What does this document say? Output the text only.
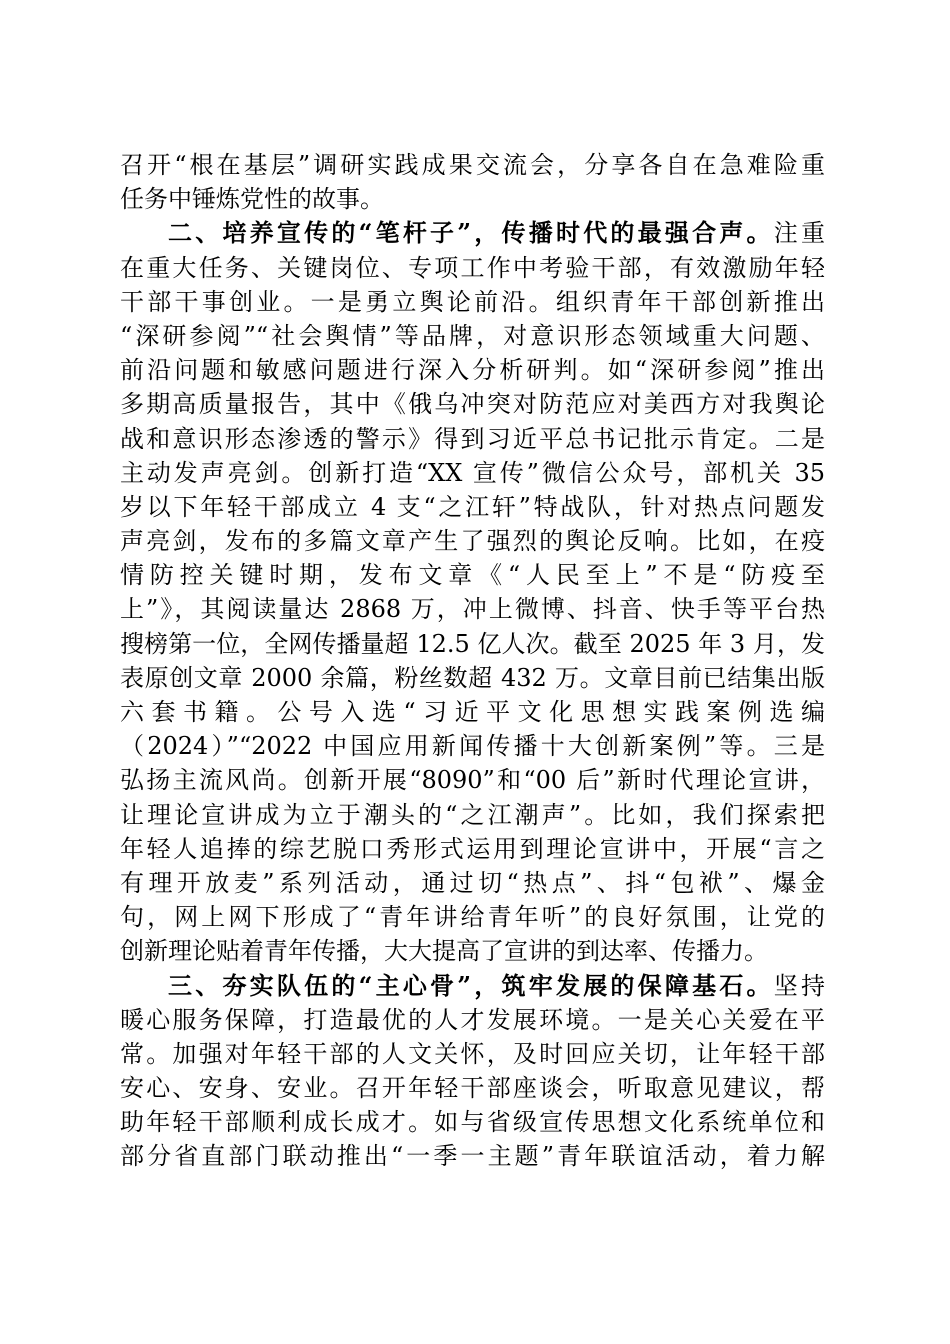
召开“根在基层”调研实践成果交流会，分享各自在急难险重
任务中锤炼党性的故事。
二、培养宣传的“笔杆子”，传播时代的最强合声。注重
在重大任务、关键岗位、专项工作中考验干部，有效激励年轻
干部干事创业。一是勇立舆论前沿。组织青年干部创新推出
“深研参阅”“社会舆情”等品牌，对意识形态领域重大问题、
前沿问题和敏感问题进行深入分析研判。如“深研参阅”推出
多期高质量报告，其中《俄乌冲突对防范应对美西方对我舆论
战和意识形态渗透的警示》得到习近平总书记批示肯定。二是
主动发声亮剑。创新打造“XX 宣传”微信公众号，部机关 35
岁以下年轻干部成立 4 支“之江轩”特战队，针对热点问题发
声亮剑，发布的多篇文章产生了强烈的舆论反响。比如，在疫
情防控关键时期，发布文章《“人民至上”不是“防疫至
上”》，其阅读量达 2868 万，冲上微博、抖音、快手等平台热
搜榜第一位，全网传播量超 12.5 亿人次。截至 2025 年 3 月，发
表原创文章 2000 余篇，粉丝数超 432 万。文章目前已结集出版
六套书籍。公号入选“习近平文化思想实践案例选编
（2024）”“2022 中国应用新闻传播十大创新案例”等。三是
弘扬主流风尚。创新开展“8090”和“00 后”新时代理论宣讲，
让理论宣讲成为立于潮头的“之江潮声”。比如，我们探索把
年轻人追捧的综艺脱口秀形式运用到理论宣讲中，开展“言之
有理开放麦”系列活动，通过切“热点”、抖“包袱”、爆金
句，网上网下形成了“青年讲给青年听”的良好氛围，让党的
创新理论贴着青年传播，大大提高了宣讲的到达率、传播力。
三、夯实队伍的“主心骨”，筑牢发展的保障基石。坚持
暖心服务保障，打造最优的人才发展环境。一是关心关爱在平
常。加强对年轻干部的人文关怀，及时回应关切，让年轻干部
安心、安身、安业。召开年轻干部座谈会，听取意见建议，帮
助年轻干部顺利成长成才。如与省级宣传思想文化系统单位和
部分省直部门联动推出“一季一主题”青年联谊活动，着力解
